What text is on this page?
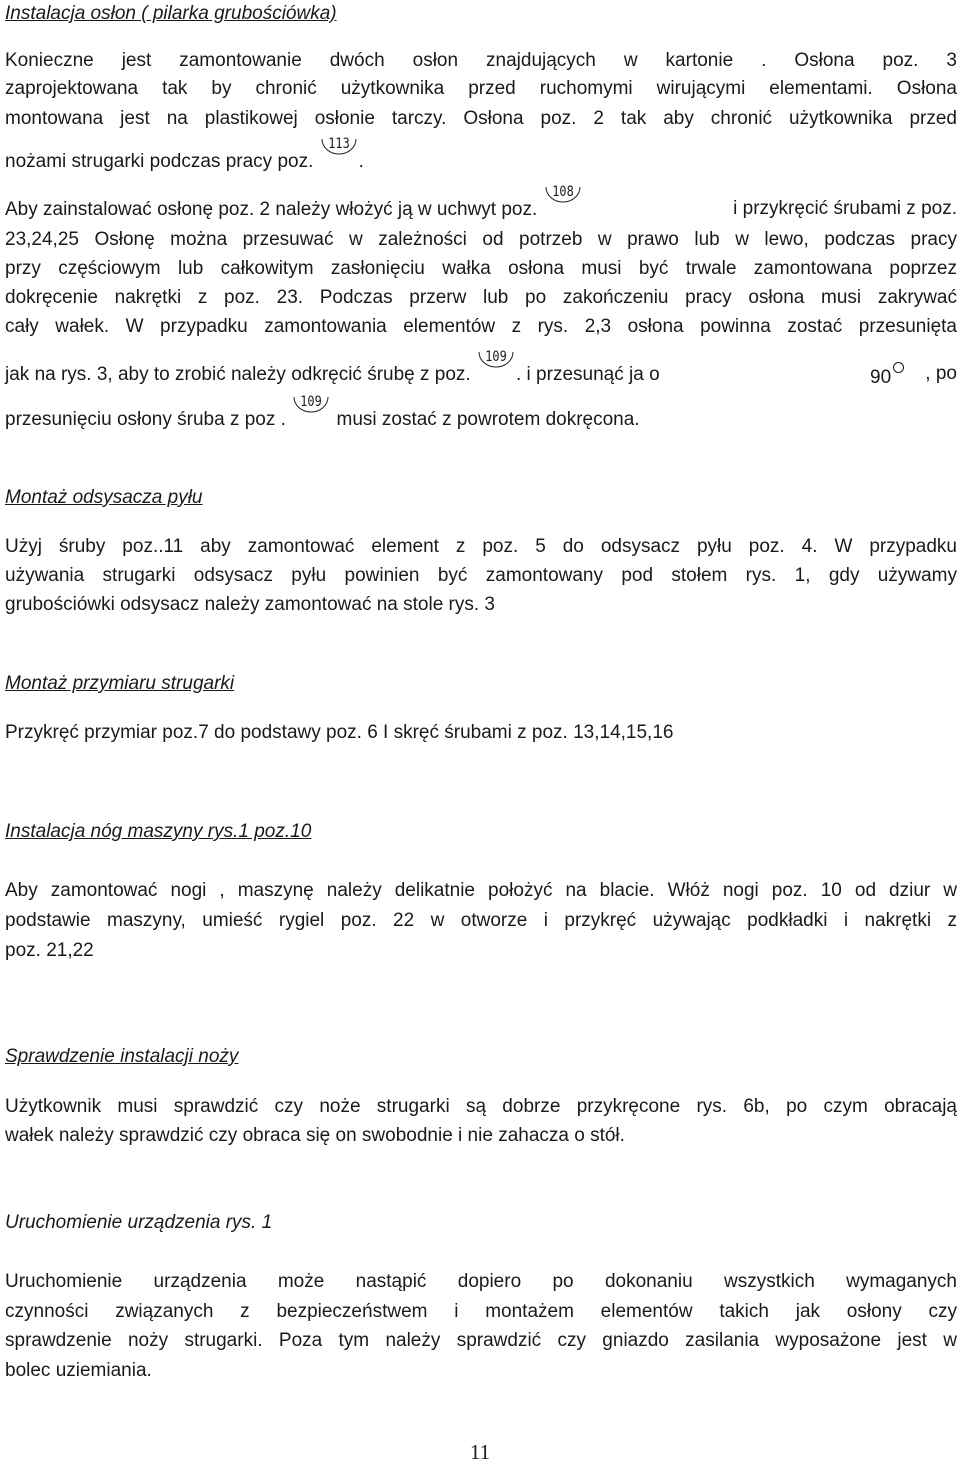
Instalacja osłon ( pilarka grubościówka)
Konieczne jest zamontowanie dwóch osłon znajdujących w kartonie . Osłona poz. 3
zaprojektowana tak by chronić użytkownika przed ruchomymi wirującymi elementami. Osłona
montowana jest na plastikowej osłonie tarczy. Osłona poz. 2 tak aby chronić użytkownika przed
nożami strugarki podczas pracy poz.
113
.
Aby zainstalować osłonę poz. 2 należy włożyć ją w uchwyt poz.
108
i przykręcić śrubami z poz.
23,24,25 Osłonę można przesuwać w zależności od potrzeb w prawo lub w lewo, podczas pracy
przy częściowym lub całkowitym zasłonięciu wałka osłona musi być trwale zamontowana poprzez
dokręcenie nakrętki z poz. 23. Podczas przerw lub po zakończeniu pracy osłona musi zakrywać
cały wałek. W przypadku zamontowania elementów z rys. 2,3 osłona powinna zostać przesunięta
jak na rys. 3, aby to zrobić należy odkręcić śrubę z poz.
109
. i przesunąć ja o	90	, po
przesunięciu osłony śruba z poz .
109
musi zostać z powrotem dokręcona.
Montaż odsysacza pyłu
Użyj śruby poz..11 aby zamontować element z poz. 5 do odsysacz pyłu poz. 4. W przypadku
używania strugarki odsysacz pyłu powinien być zamontowany pod stołem rys. 1, gdy używamy
grubościówki odsysacz należy zamontować na stole rys. 3
Montaż przymiaru strugarki
Przykręć przymiar poz.7 do podstawy poz. 6 I skręć śrubami z poz. 13,14,15,16
Instalacja nóg maszyny rys.1 poz.10
Aby zamontować nogi , maszynę należy delikatnie położyć na blacie. Włóż nogi poz. 10 od dziur w
podstawie maszyny, umieść rygiel poz. 22 w otworze i przykręć używając podkładki i nakrętki z
poz. 21,22
Sprawdzenie instalacji noży
Użytkownik musi sprawdzić czy noże strugarki są dobrze przykręcone rys. 6b, po czym obracają
wałek należy sprawdzić czy obraca się on swobodnie i nie zahacza o stół.
Uruchomienie urządzenia rys. 1
Uruchomienie urządzenia może nastąpić dopiero po dokonaniu wszystkich wymaganych
czynności związanych z bezpieczeństwem i montażem elementów takich jak osłony czy
sprawdzenie noży strugarki. Poza tym należy sprawdzić czy gniazdo zasilania wyposażone jest w
bolec uziemiania.
11
